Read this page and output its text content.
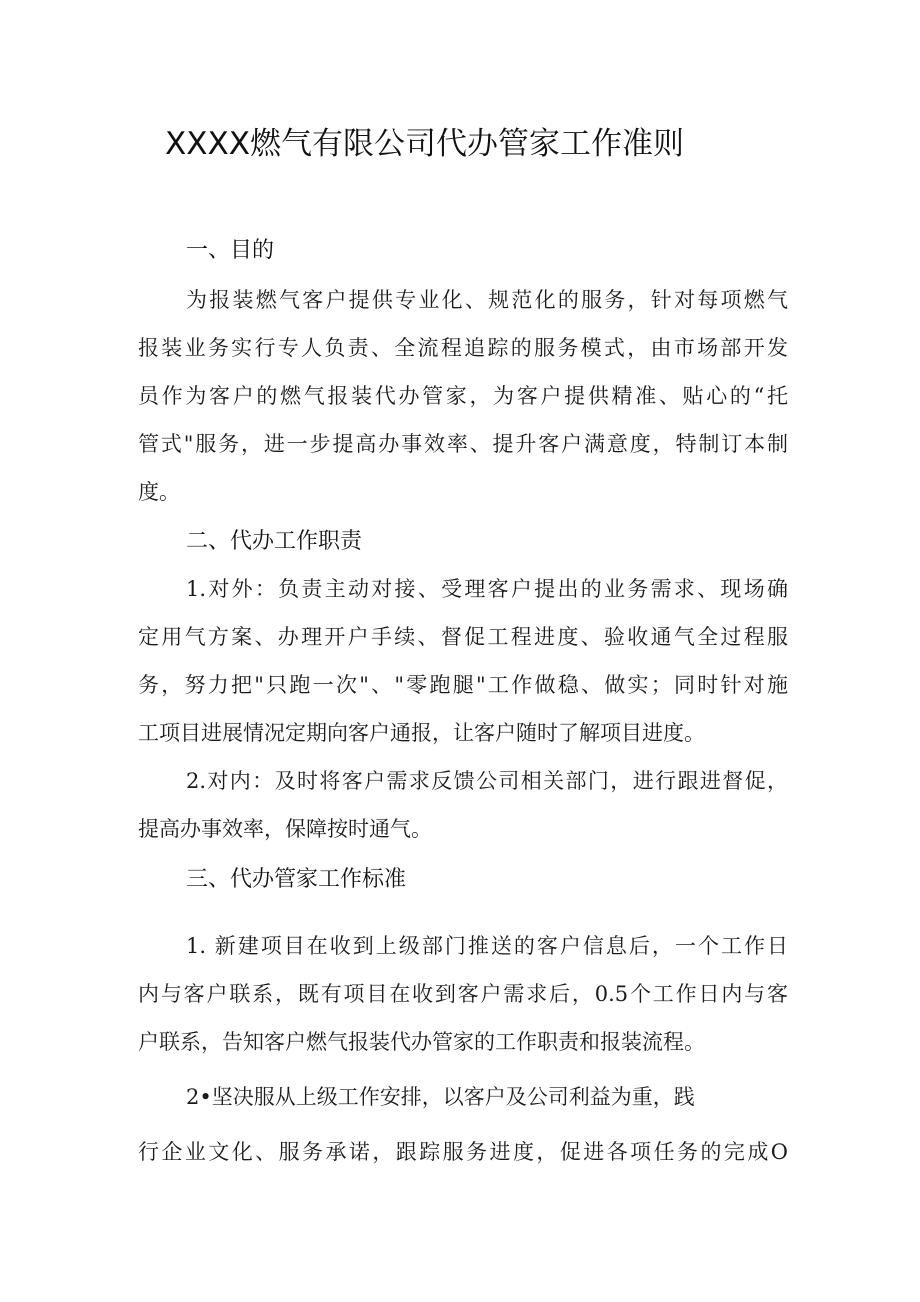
XXXX燃气有限公司代办管家工作准则
一、目的
为报装燃气客户提供专业化、规范化的服务，针对每项燃气
报装业务实行专人负责、全流程追踪的服务模式，由市场部开发
员作为客户的燃气报装代办管家，为客户提供精准、贴心的“托
管式"服务，进一步提高办事效率、提升客户满意度，特制订本制
度。
二、代办工作职责
1.对外：负责主动对接、受理客户提出的业务需求、现场确
定用气方案、办理开户手续、督促工程进度、验收通气全过程服
务，努力把"只跑一次"、"零跑腿"工作做稳、做实；同时针对施
工项目进展情况定期向客户通报，让客户随时了解项目进度。
2.对内：及时将客户需求反馈公司相关部门，进行跟进督促，
提高办事效率，保障按时通气。
三、代办管家工作标准
1. 新建项目在收到上级部门推送的客户信息后，一个工作日
内与客户联系，既有项目在收到客户需求后，0.5个工作日内与客
户联系，告知客户燃气报装代办管家的工作职责和报装流程。
2•坚决服从上级工作安排，以客户及公司利益为重，践
行企业文化、服务承诺，跟踪服务进度，促进各项任务的完成O
